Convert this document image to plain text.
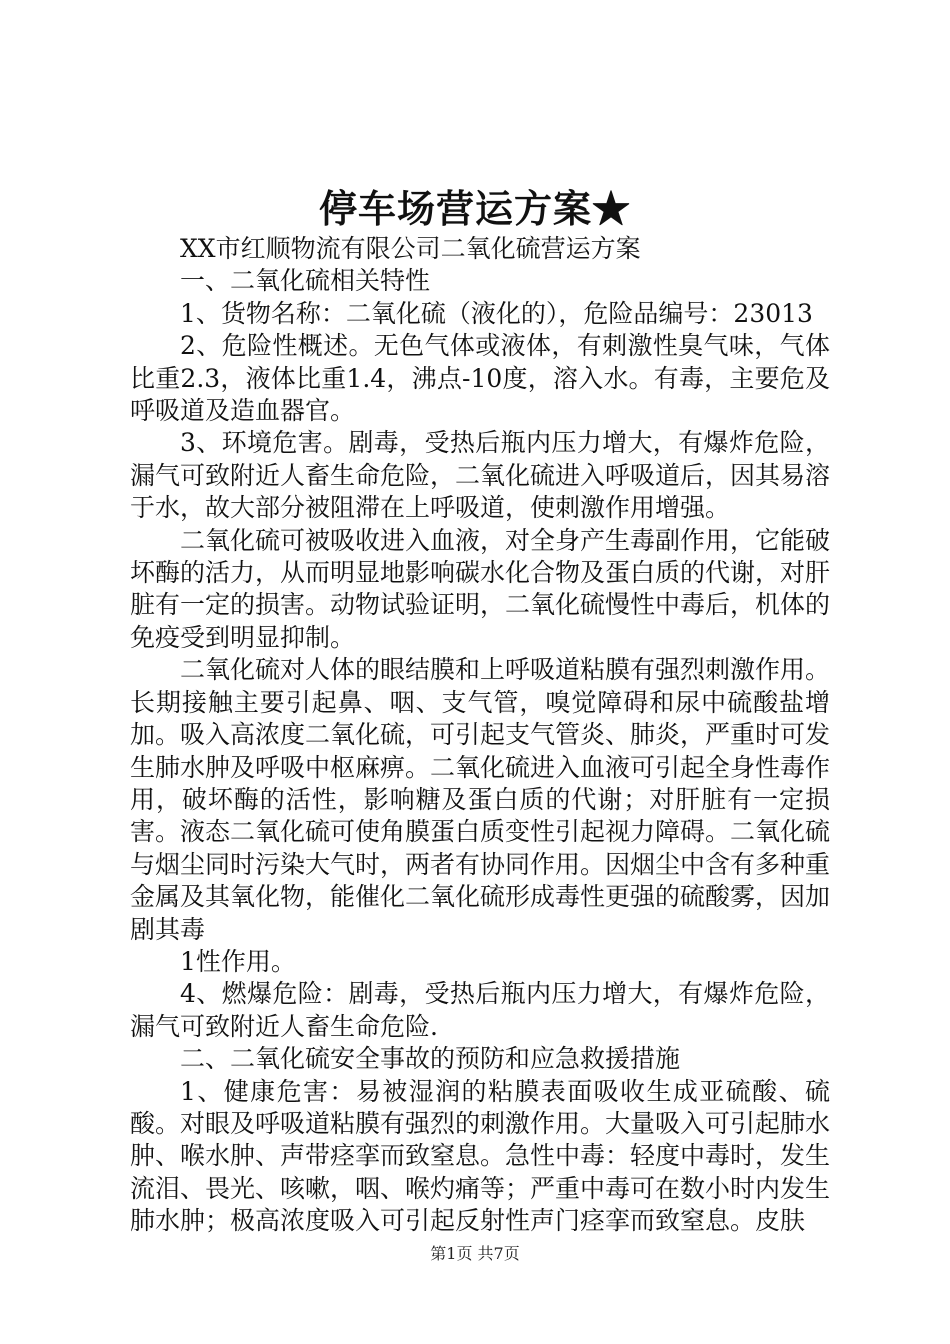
停车场营运方案★

XX市红顺物流有限公司二氧化硫营运方案

一、二氧化硫相关特性

1、货物名称：二氧化硫（液化的），危险品编号：23013

2、危险性概述。无色气体或液体，有刺激性臭气味，气体比重2.3，液体比重1.4，沸点-10度，溶入水。有毒，主要危及呼吸道及造血器官。

3、环境危害。剧毒，受热后瓶内压力增大，有爆炸危险，漏气可致附近人畜生命危险，二氧化硫进入呼吸道后，因其易溶于水，故大部分被阻滞在上呼吸道，使刺激作用增强。

二氧化硫可被吸收进入血液，对全身产生毒副作用，它能破坏酶的活力，从而明显地影响碳水化合物及蛋白质的代谢，对肝脏有一定的损害。动物试验证明，二氧化硫慢性中毒后，机体的免疫受到明显抑制。

二氧化硫对人体的眼结膜和上呼吸道粘膜有强烈刺激作用。长期接触主要引起鼻、咽、支气管，嗅觉障碍和尿中硫酸盐增加。吸入高浓度二氧化硫，可引起支气管炎、肺炎，严重时可发生肺水肿及呼吸中枢麻痹。二氧化硫进入血液可引起全身性毒作用，破坏酶的活性，影响糖及蛋白质的代谢；对肝脏有一定损害。液态二氧化硫可使角膜蛋白质变性引起视力障碍。二氧化硫与烟尘同时污染大气时，两者有协同作用。因烟尘中含有多种重金属及其氧化物，能催化二氧化硫形成毒性更强的硫酸雾，因加剧其毒

1性作用。

4、燃爆危险：剧毒，受热后瓶内压力增大，有爆炸危险，漏气可致附近人畜生命危险.

二、二氧化硫安全事故的预防和应急救援措施

1、健康危害：易被湿润的粘膜表面吸收生成亚硫酸、硫酸。对眼及呼吸道粘膜有强烈的刺激作用。大量吸入可引起肺水肿、喉水肿、声带痉挛而致窒息。急性中毒：轻度中毒时，发生流泪、畏光、咳嗽，咽、喉灼痛等；严重中毒可在数小时内发生肺水肿；极高浓度吸入可引起反射性声门痉挛而致窒息。皮肤

第1页 共7页
